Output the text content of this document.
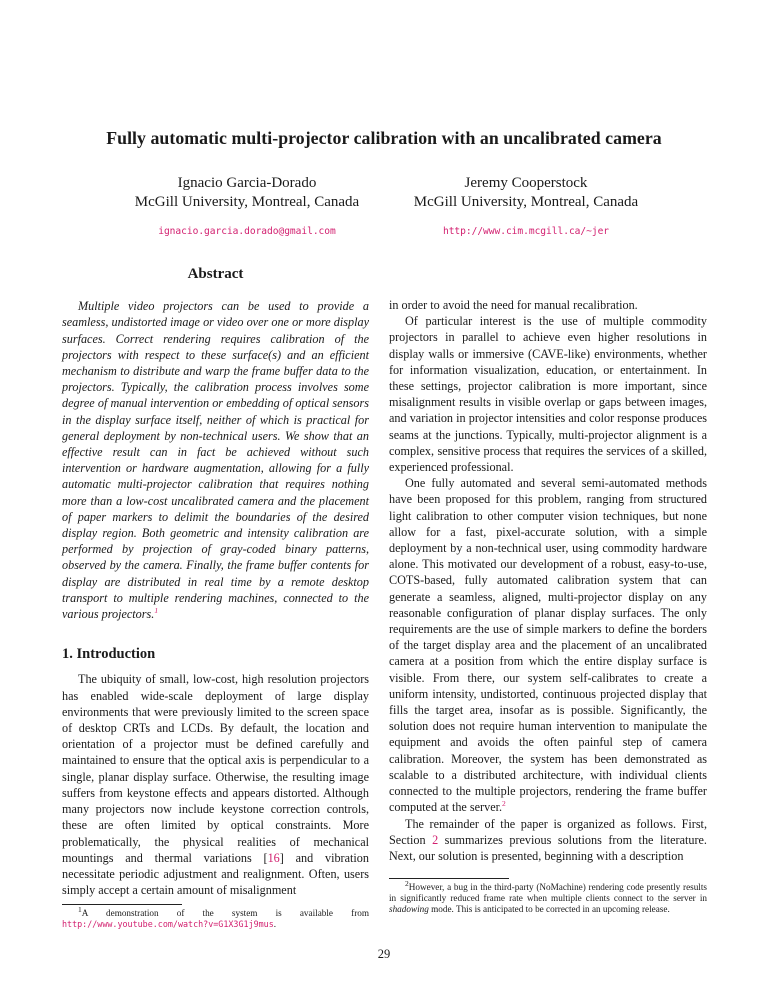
Fully automatic multi-projector calibration with an uncalibrated camera
Ignacio Garcia-Dorado
McGill University, Montreal, Canada
ignacio.garcia.dorado@gmail.com
Jeremy Cooperstock
McGill University, Montreal, Canada
http://www.cim.mcgill.ca/~jer
Abstract

Multiple video projectors can be used to provide a seamless, undistorted image or video over one or more display surfaces. Correct rendering requires calibration of the projectors with respect to these surface(s) and an efficient mechanism to distribute and warp the frame buffer data to the projectors. Typically, the calibration process involves some degree of manual intervention or embedding of optical sensors in the display surface itself, neither of which is practical for general deployment by non-technical users. We show that an effective result can in fact be achieved without such intervention or hardware augmentation, allowing for a fully automatic multi-projector calibration that requires nothing more than a low-cost uncalibrated camera and the placement of paper markers to delimit the boundaries of the desired display region. Both geometric and intensity calibration are performed by projection of gray-coded binary patterns, observed by the camera. Finally, the frame buffer contents for display are distributed in real time by a remote desktop transport to multiple rendering machines, connected to the various projectors.$^1$

1. Introduction

The ubiquity of small, low-cost, high resolution projectors has enabled wide-scale deployment of large display environments that were previously limited to the screen space of desktop CRTs and LCDs. By default, the location and orientation of a projector must be defined carefully and maintained to ensure that the optical axis is perpendicular to a single, planar display surface. Otherwise, the resulting image suffers from keystone effects and appears distorted. Although many projectors now include keystone correction controls, these are often limited by optical constraints. More problematically, the physical realities of mechanical mountings and thermal variations [16] and vibration necessitate periodic adjustment and realignment. Often, users simply accept a certain amount of misalignment

$^1$A demonstration of the system is available from http://www.youtube.com/watch?v=G1X3G1j9mus.

in order to avoid the need for manual recalibration.

Of particular interest is the use of multiple commodity projectors in parallel to achieve even higher resolutions in display walls or immersive (CAVE-like) environments, whether for information visualization, education, or entertainment. In these settings, projector calibration is more important, since misalignment results in visible overlap or gaps between images, and variation in projector intensities and color response produces seams at the junctions. Typically, multi-projector alignment is a complex, sensitive process that requires the services of a skilled, experienced professional.

One fully automated and several semi-automated methods have been proposed for this problem, ranging from structured light calibration to other computer vision techniques, but none allow for a fast, pixel-accurate solution, with a simple deployment by a non-technical user, using commodity hardware alone. This motivated our development of a robust, easy-to-use, COTS-based, fully automated calibration system that can generate a seamless, aligned, multi-projector display on any reasonable configuration of planar display surfaces. The only requirements are the use of simple markers to define the borders of the target display area and the placement of an uncalibrated camera at a position from which the entire display surface is visible. From there, our system self-calibrates to create a uniform intensity, undistorted, continuous projected display that fills the target area, insofar as is possible. Significantly, the solution does not require human intervention to manipulate the equipment and avoids the often painful step of camera calibration. Moreover, the system has been demonstrated as scalable to a distributed architecture, with individual clients connected to the multiple projectors, rendering the frame buffer computed at the server.$^2$

The remainder of the paper is organized as follows. First, Section 2 summarizes previous solutions from the literature. Next, our solution is presented, beginning with a description

$^2$However, a bug in the third-party (NoMachine) rendering code presently results in significantly reduced frame rate when multiple clients connect to the server in shadowing mode. This is anticipated to be corrected in an upcoming release.

29
